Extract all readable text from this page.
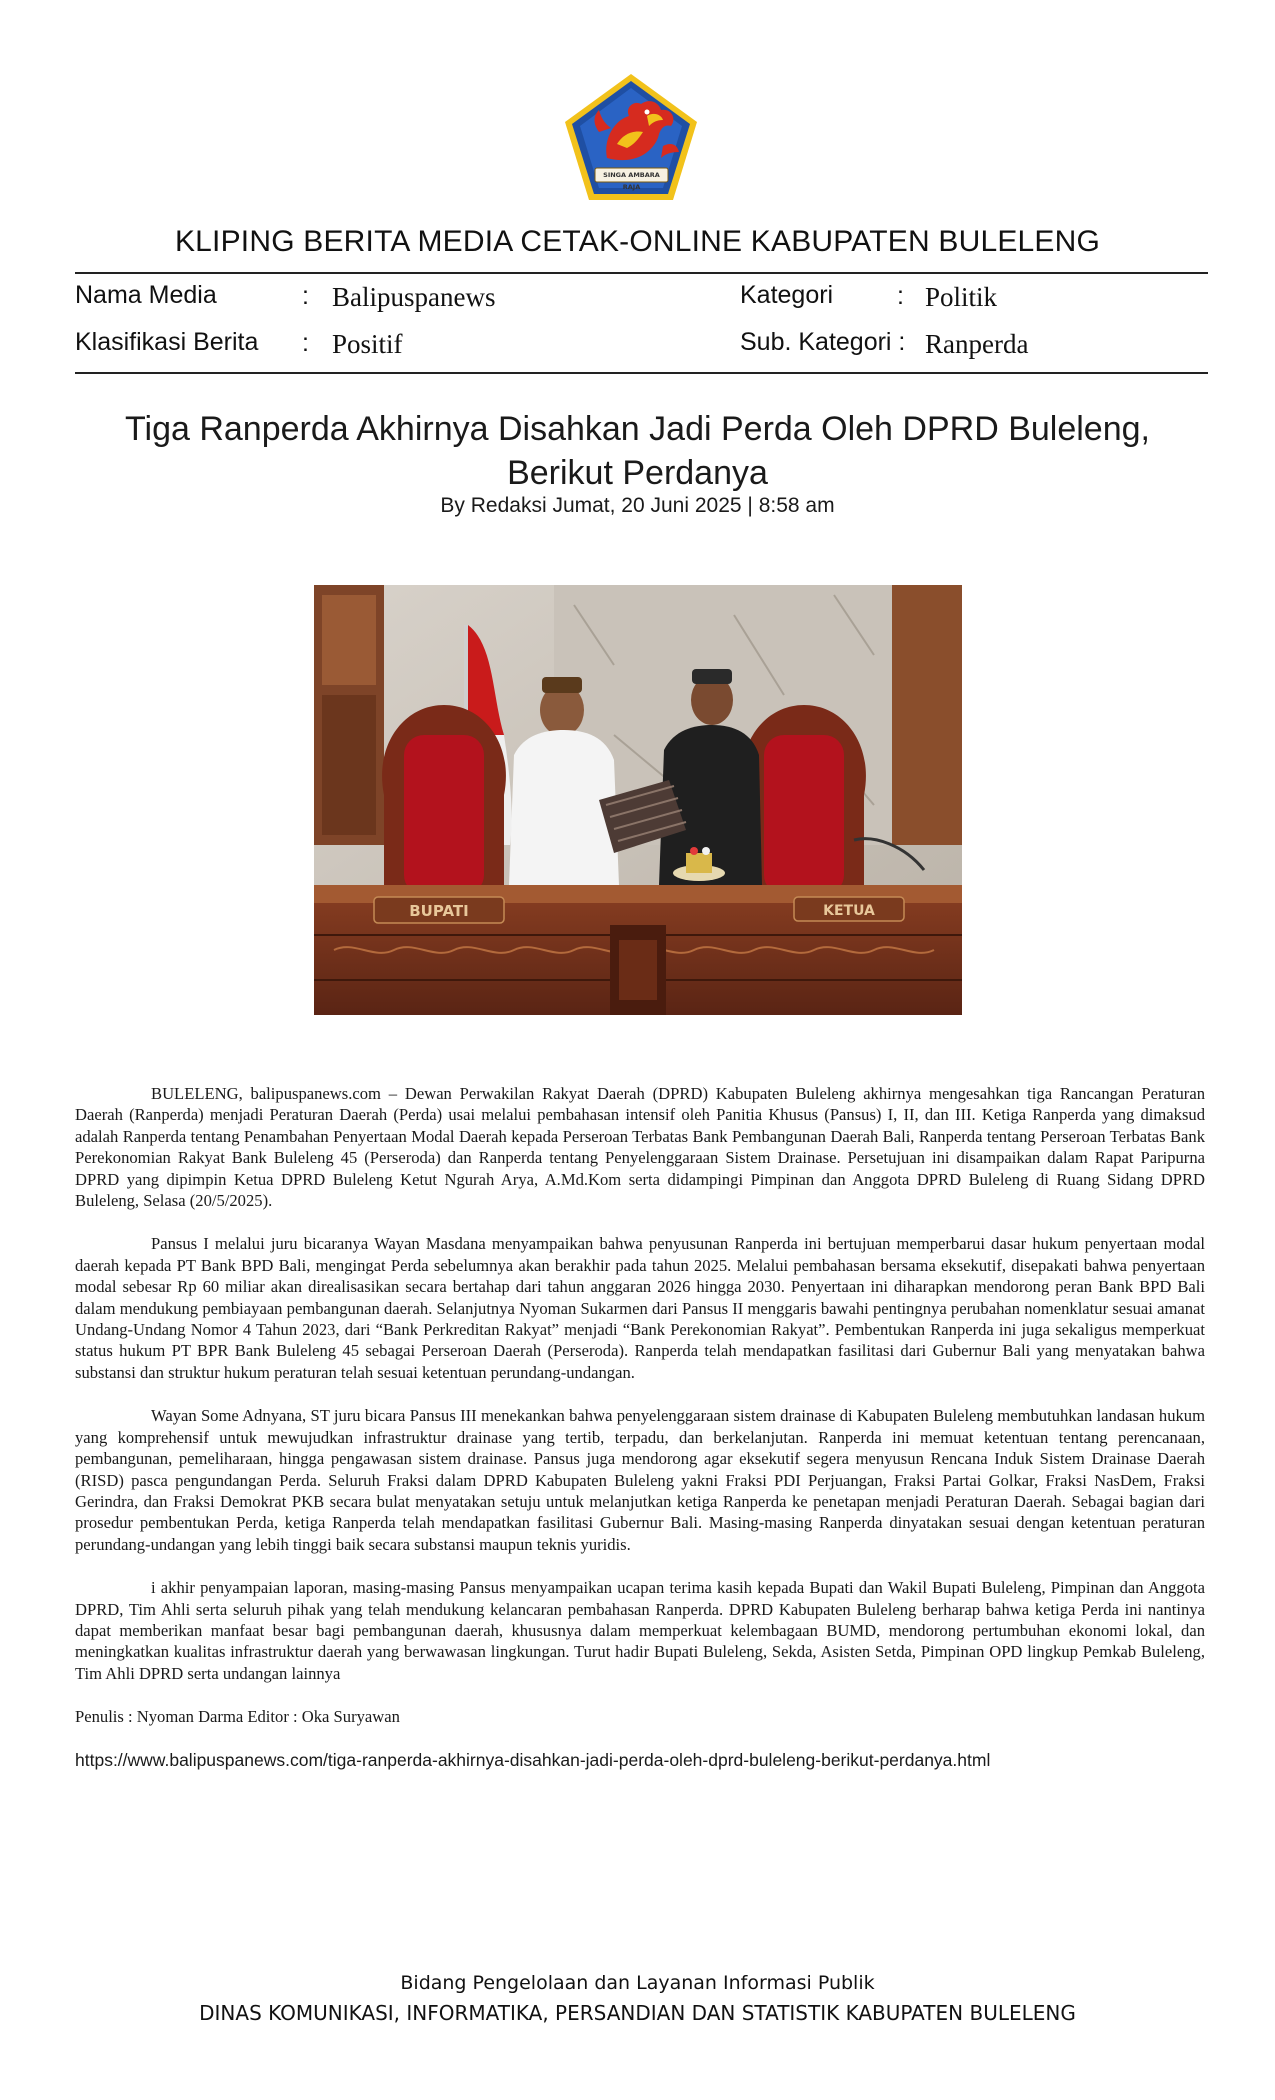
SINGA AMBARA RAJA
KLIPING BERITA MEDIA CETAK-ONLINE KABUPATEN BULELENG
Nama Media	: Balipuspanews	Kategori	: Politik
Klasifikasi Berita : Positif	Sub. Kategori : Ranperda
Tiga Ranperda Akhirnya Disahkan Jadi Perda Oleh DPRD Buleleng,
Berikut Perdanya
By Redaksi Jumat, 20 Juni 2025 | 8:58 am
BUPATI	KETUA

BULELENG, balipuspanews.com – Dewan Perwakilan Rakyat Daerah (DPRD) Kabupaten Buleleng akhirnya mengesahkan tiga Rancangan Peraturan Daerah (Ranperda) menjadi Peraturan Daerah (Perda) usai melalui pembahasan intensif oleh Panitia Khusus (Pansus) I, II, dan III. Ketiga Ranperda yang dimaksud adalah Ranperda tentang Penambahan Penyertaan Modal Daerah kepada Perseroan Terbatas Bank Pembangunan Daerah Bali, Ranperda tentang Perseroan Terbatas Bank Perekonomian Rakyat Bank Buleleng 45 (Perseroda) dan Ranperda tentang Penyelenggaraan Sistem Drainase. Persetujuan ini disampaikan dalam Rapat Paripurna DPRD yang dipimpin Ketua DPRD Buleleng Ketut Ngurah Arya, A.Md.Kom serta didampingi Pimpinan dan Anggota DPRD Buleleng di Ruang Sidang DPRD Buleleng, Selasa (20/5/2025).

Pansus I melalui juru bicaranya Wayan Masdana menyampaikan bahwa penyusunan Ranperda ini bertujuan memperbarui dasar hukum penyertaan modal daerah kepada PT Bank BPD Bali, mengingat Perda sebelumnya akan berakhir pada tahun 2025. Melalui pembahasan bersama eksekutif, disepakati bahwa penyertaan modal sebesar Rp 60 miliar akan direalisasikan secara bertahap dari tahun anggaran 2026 hingga 2030. Penyertaan ini diharapkan mendorong peran Bank BPD Bali dalam mendukung pembiayaan pembangunan daerah. Selanjutnya Nyoman Sukarmen dari Pansus II menggaris bawahi pentingnya perubahan nomenklatur sesuai amanat Undang-Undang Nomor 4 Tahun 2023, dari “Bank Perkreditan Rakyat” menjadi “Bank Perekonomian Rakyat”. Pembentukan Ranperda ini juga sekaligus memperkuat status hukum PT BPR Bank Buleleng 45 sebagai Perseroan Daerah (Perseroda). Ranperda telah mendapatkan fasilitasi dari Gubernur Bali yang menyatakan bahwa substansi dan struktur hukum peraturan telah sesuai ketentuan perundang-undangan.

Wayan Some Adnyana, ST juru bicara Pansus III menekankan bahwa penyelenggaraan sistem drainase di Kabupaten Buleleng membutuhkan landasan hukum yang komprehensif untuk mewujudkan infrastruktur drainase yang tertib, terpadu, dan berkelanjutan. Ranperda ini memuat ketentuan tentang perencanaan, pembangunan, pemeliharaan, hingga pengawasan sistem drainase. Pansus juga mendorong agar eksekutif segera menyusun Rencana Induk Sistem Drainase Daerah (RISD) pasca pengundangan Perda. Seluruh Fraksi dalam DPRD Kabupaten Buleleng yakni Fraksi PDI Perjuangan, Fraksi Partai Golkar, Fraksi NasDem, Fraksi Gerindra, dan Fraksi Demokrat PKB secara bulat menyatakan setuju untuk melanjutkan ketiga Ranperda ke penetapan menjadi Peraturan Daerah. Sebagai bagian dari prosedur pembentukan Perda, ketiga Ranperda telah mendapatkan fasilitasi Gubernur Bali. Masing-masing Ranperda dinyatakan sesuai dengan ketentuan peraturan perundang-undangan yang lebih tinggi baik secara substansi maupun teknis yuridis.

i akhir penyampaian laporan, masing-masing Pansus menyampaikan ucapan terima kasih kepada Bupati dan Wakil Bupati Buleleng, Pimpinan dan Anggota DPRD, Tim Ahli serta seluruh pihak yang telah mendukung kelancaran pembahasan Ranperda. DPRD Kabupaten Buleleng berharap bahwa ketiga Perda ini nantinya dapat memberikan manfaat besar bagi pembangunan daerah, khususnya dalam memperkuat kelembagaan BUMD, mendorong pertumbuhan ekonomi lokal, dan meningkatkan kualitas infrastruktur daerah yang berwawasan lingkungan. Turut hadir Bupati Buleleng, Sekda, Asisten Setda, Pimpinan OPD lingkup Pemkab Buleleng, Tim Ahli DPRD serta undangan lainnya

Penulis : Nyoman Darma Editor : Oka Suryawan

https://www.balipuspanews.com/tiga-ranperda-akhirnya-disahkan-jadi-perda-oleh-dprd-buleleng-berikut-perdanya.html

Bidang Pengelolaan dan Layanan Informasi Publik
DINAS KOMUNIKASI, INFORMATIKA, PERSANDIAN DAN STATISTIK KABUPATEN BULELENG
